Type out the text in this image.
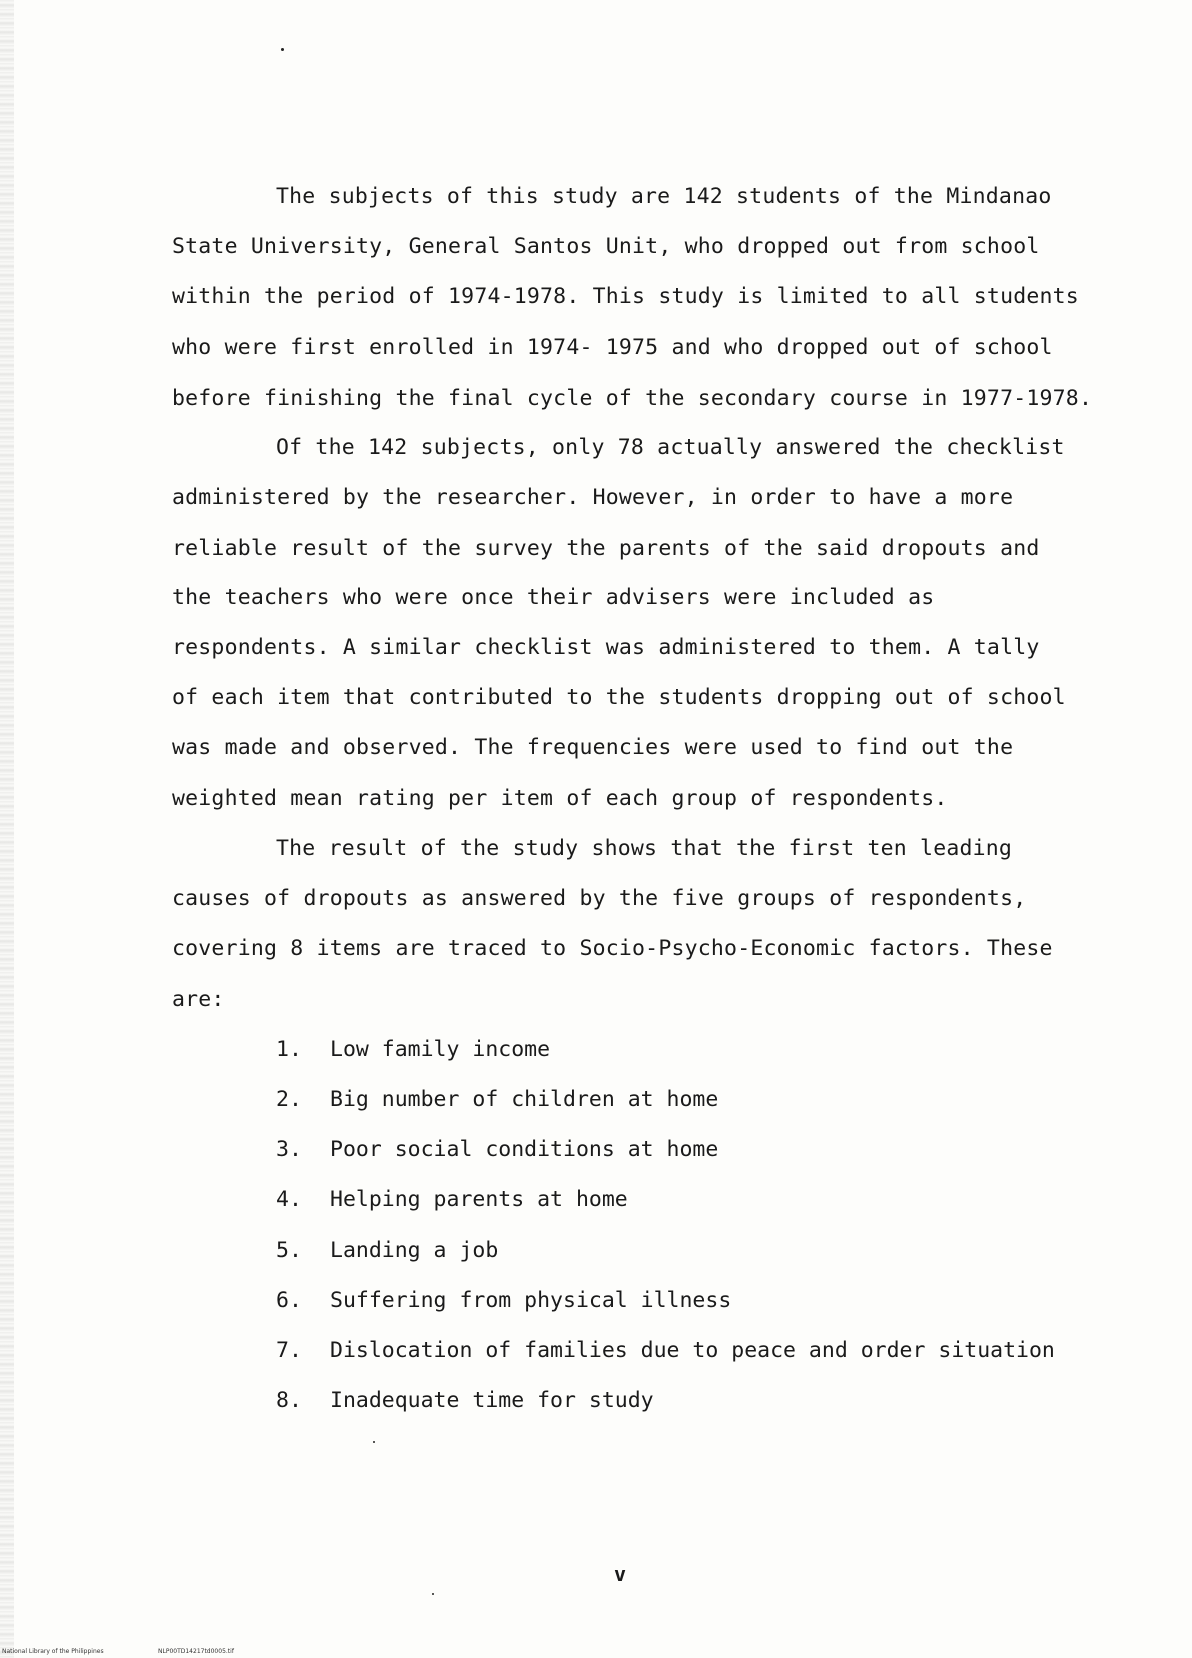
The subjects of this study are 142 students of the Mindanao
State University, General Santos Unit, who dropped out from school
within the period of 1974-1978. This study is limited to all students
who were first enrolled in 1974- 1975 and who dropped out of school
before finishing the final cycle of the secondary course in 1977-1978.
Of the 142 subjects, only 78 actually answered the checklist
administered by the researcher. However, in order to have a more
reliable result of the survey the parents of the said dropouts and
the teachers who were once their advisers were included as
respondents. A similar checklist was administered to them. A tally
of each item that contributed to the students dropping out of school
was made and observed. The frequencies were used to find out the
weighted mean rating per item of each group of respondents.
The result of the study shows that the first ten leading
causes of dropouts as answered by the five groups of respondents,
covering 8 items are traced to Socio-Psycho-Economic factors. These
are:
1. Low family income
2. Big number of children at home
3. Poor social conditions at home
4. Helping parents at home
5. Landing a job
6. Suffering from physical illness
7. Dislocation of families due to peace and order situation
8. Inadequate time for study
v
National Library of the Philippines	NLP00TD14217td0005.tif
